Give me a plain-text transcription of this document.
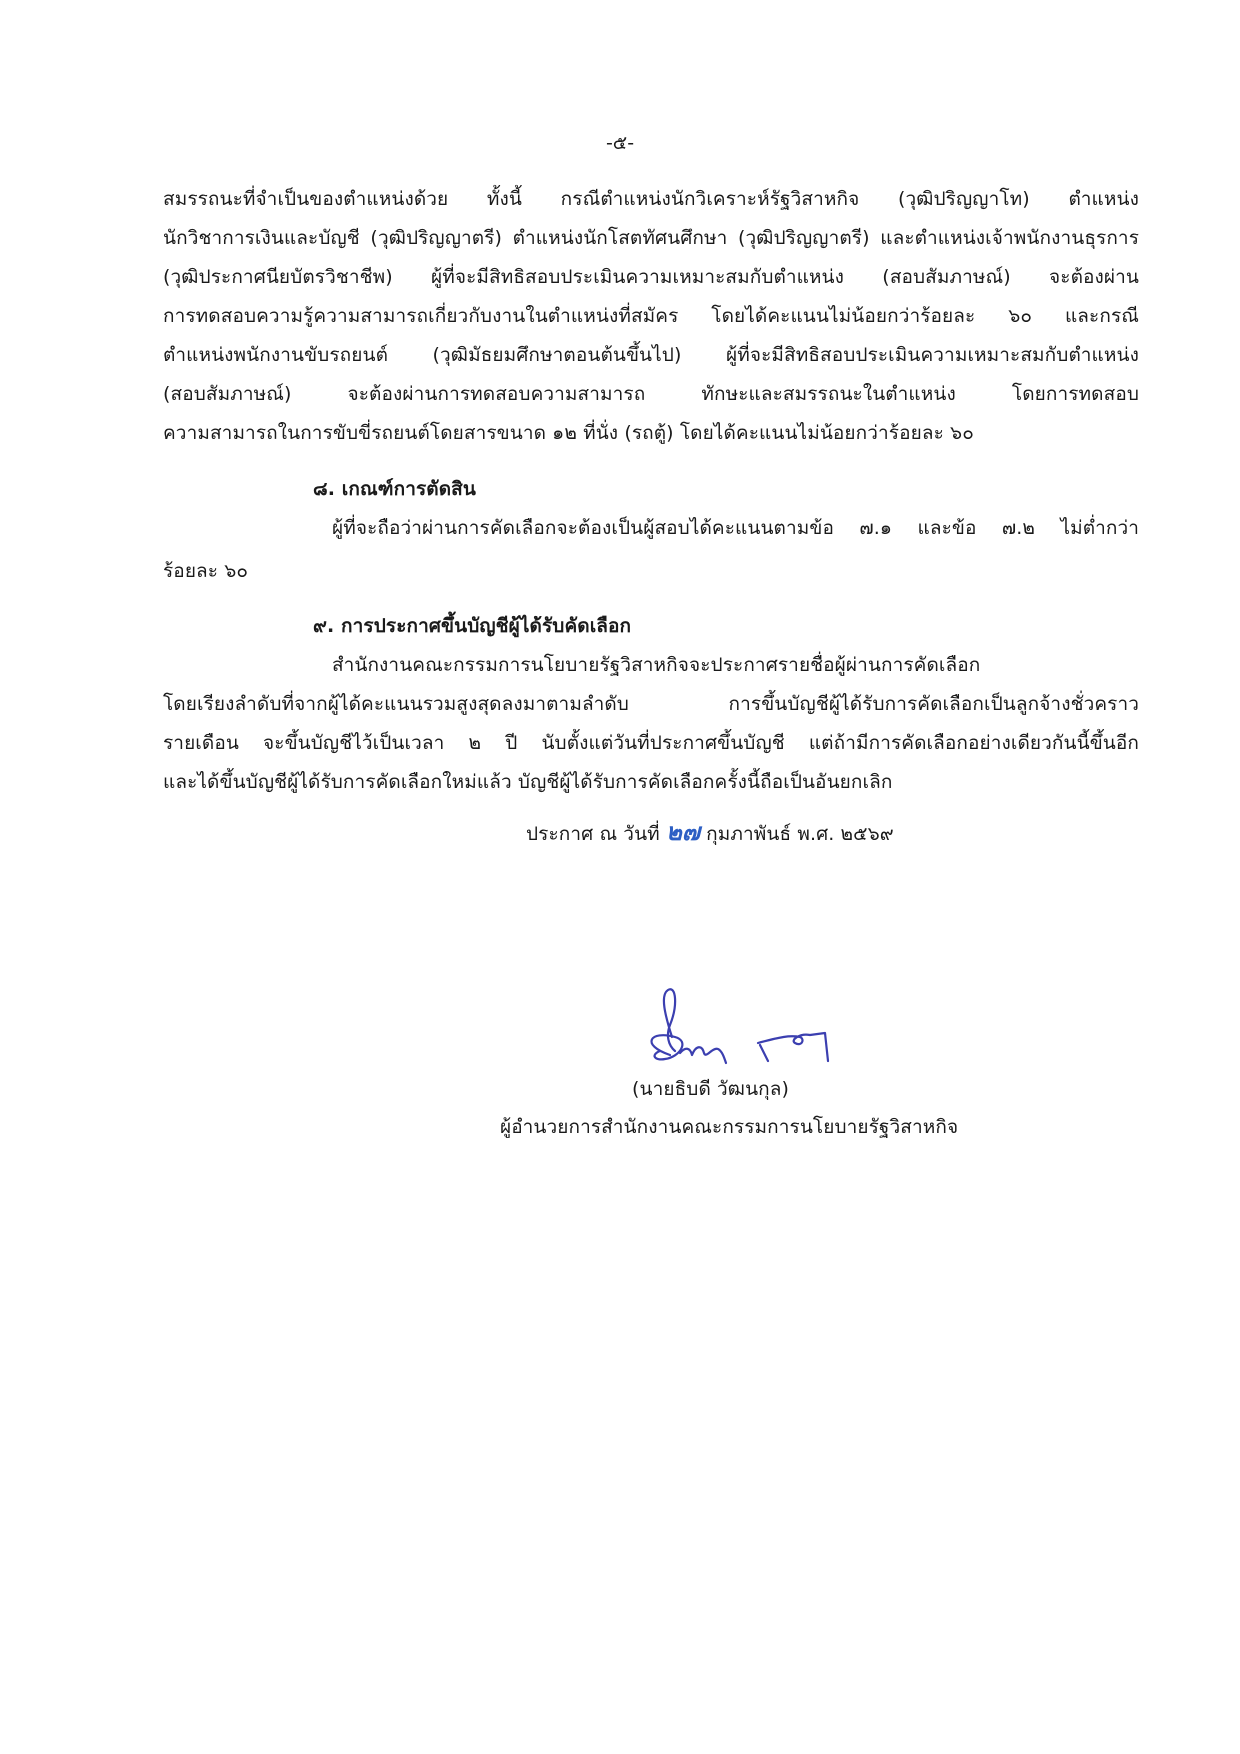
-๕-
สมรรถนะที่จำเป็นของตำแหน่งด้วย ทั้งนี้ กรณีตำแหน่งนักวิเคราะห์รัฐวิสาหกิจ (วุฒิปริญญาโท) ตำแหน่ง
นักวิชาการเงินและบัญชี (วุฒิปริญญาตรี) ตำแหน่งนักโสตทัศนศึกษา (วุฒิปริญญาตรี) และตำแหน่งเจ้าพนักงานธุรการ
(วุฒิประกาศนียบัตรวิชาชีพ) ผู้ที่จะมีสิทธิสอบประเมินความเหมาะสมกับตำแหน่ง (สอบสัมภาษณ์) จะต้องผ่าน
การทดสอบความรู้ความสามารถเกี่ยวกับงานในตำแหน่งที่สมัคร โดยได้คะแนนไม่น้อยกว่าร้อยละ ๖๐ และกรณี
ตำแหน่งพนักงานขับรถยนต์ (วุฒิมัธยมศึกษาตอนต้นขึ้นไป) ผู้ที่จะมีสิทธิสอบประเมินความเหมาะสมกับตำแหน่ง
(สอบสัมภาษณ์) จะต้องผ่านการทดสอบความสามารถ ทักษะและสมรรถนะในตำแหน่ง โดยการทดสอบ
ความสามารถในการขับขี่รถยนต์โดยสารขนาด ๑๒ ที่นั่ง (รถตู้) โดยได้คะแนนไม่น้อยกว่าร้อยละ ๖๐
๘. เกณฑ์การตัดสิน
ผู้ที่จะถือว่าผ่านการคัดเลือกจะต้องเป็นผู้สอบได้คะแนนตามข้อ ๗.๑ และข้อ ๗.๒ ไม่ต่ำกว่า
ร้อยละ ๖๐
๙. การประกาศขึ้นบัญชีผู้ได้รับคัดเลือก
สำนักงานคณะกรรมการนโยบายรัฐวิสาหกิจจะประกาศรายชื่อผู้ผ่านการคัดเลือก
โดยเรียงลำดับที่จากผู้ได้คะแนนรวมสูงสุดลงมาตามลำดับ การขึ้นบัญชีผู้ได้รับการคัดเลือกเป็นลูกจ้างชั่วคราว
รายเดือน จะขึ้นบัญชีไว้เป็นเวลา ๒ ปี นับตั้งแต่วันที่ประกาศขึ้นบัญชี แต่ถ้ามีการคัดเลือกอย่างเดียวกันนี้ขึ้นอีก
และได้ขึ้นบัญชีผู้ได้รับการคัดเลือกใหม่แล้ว บัญชีผู้ได้รับการคัดเลือกครั้งนี้ถือเป็นอันยกเลิก
ประกาศ ณ วันที่ ๒๗ กุมภาพันธ์ พ.ศ. ๒๕๖๙
(นายธิบดี วัฒนกุล)
ผู้อำนวยการสำนักงานคณะกรรมการนโยบายรัฐวิสาหกิจ
